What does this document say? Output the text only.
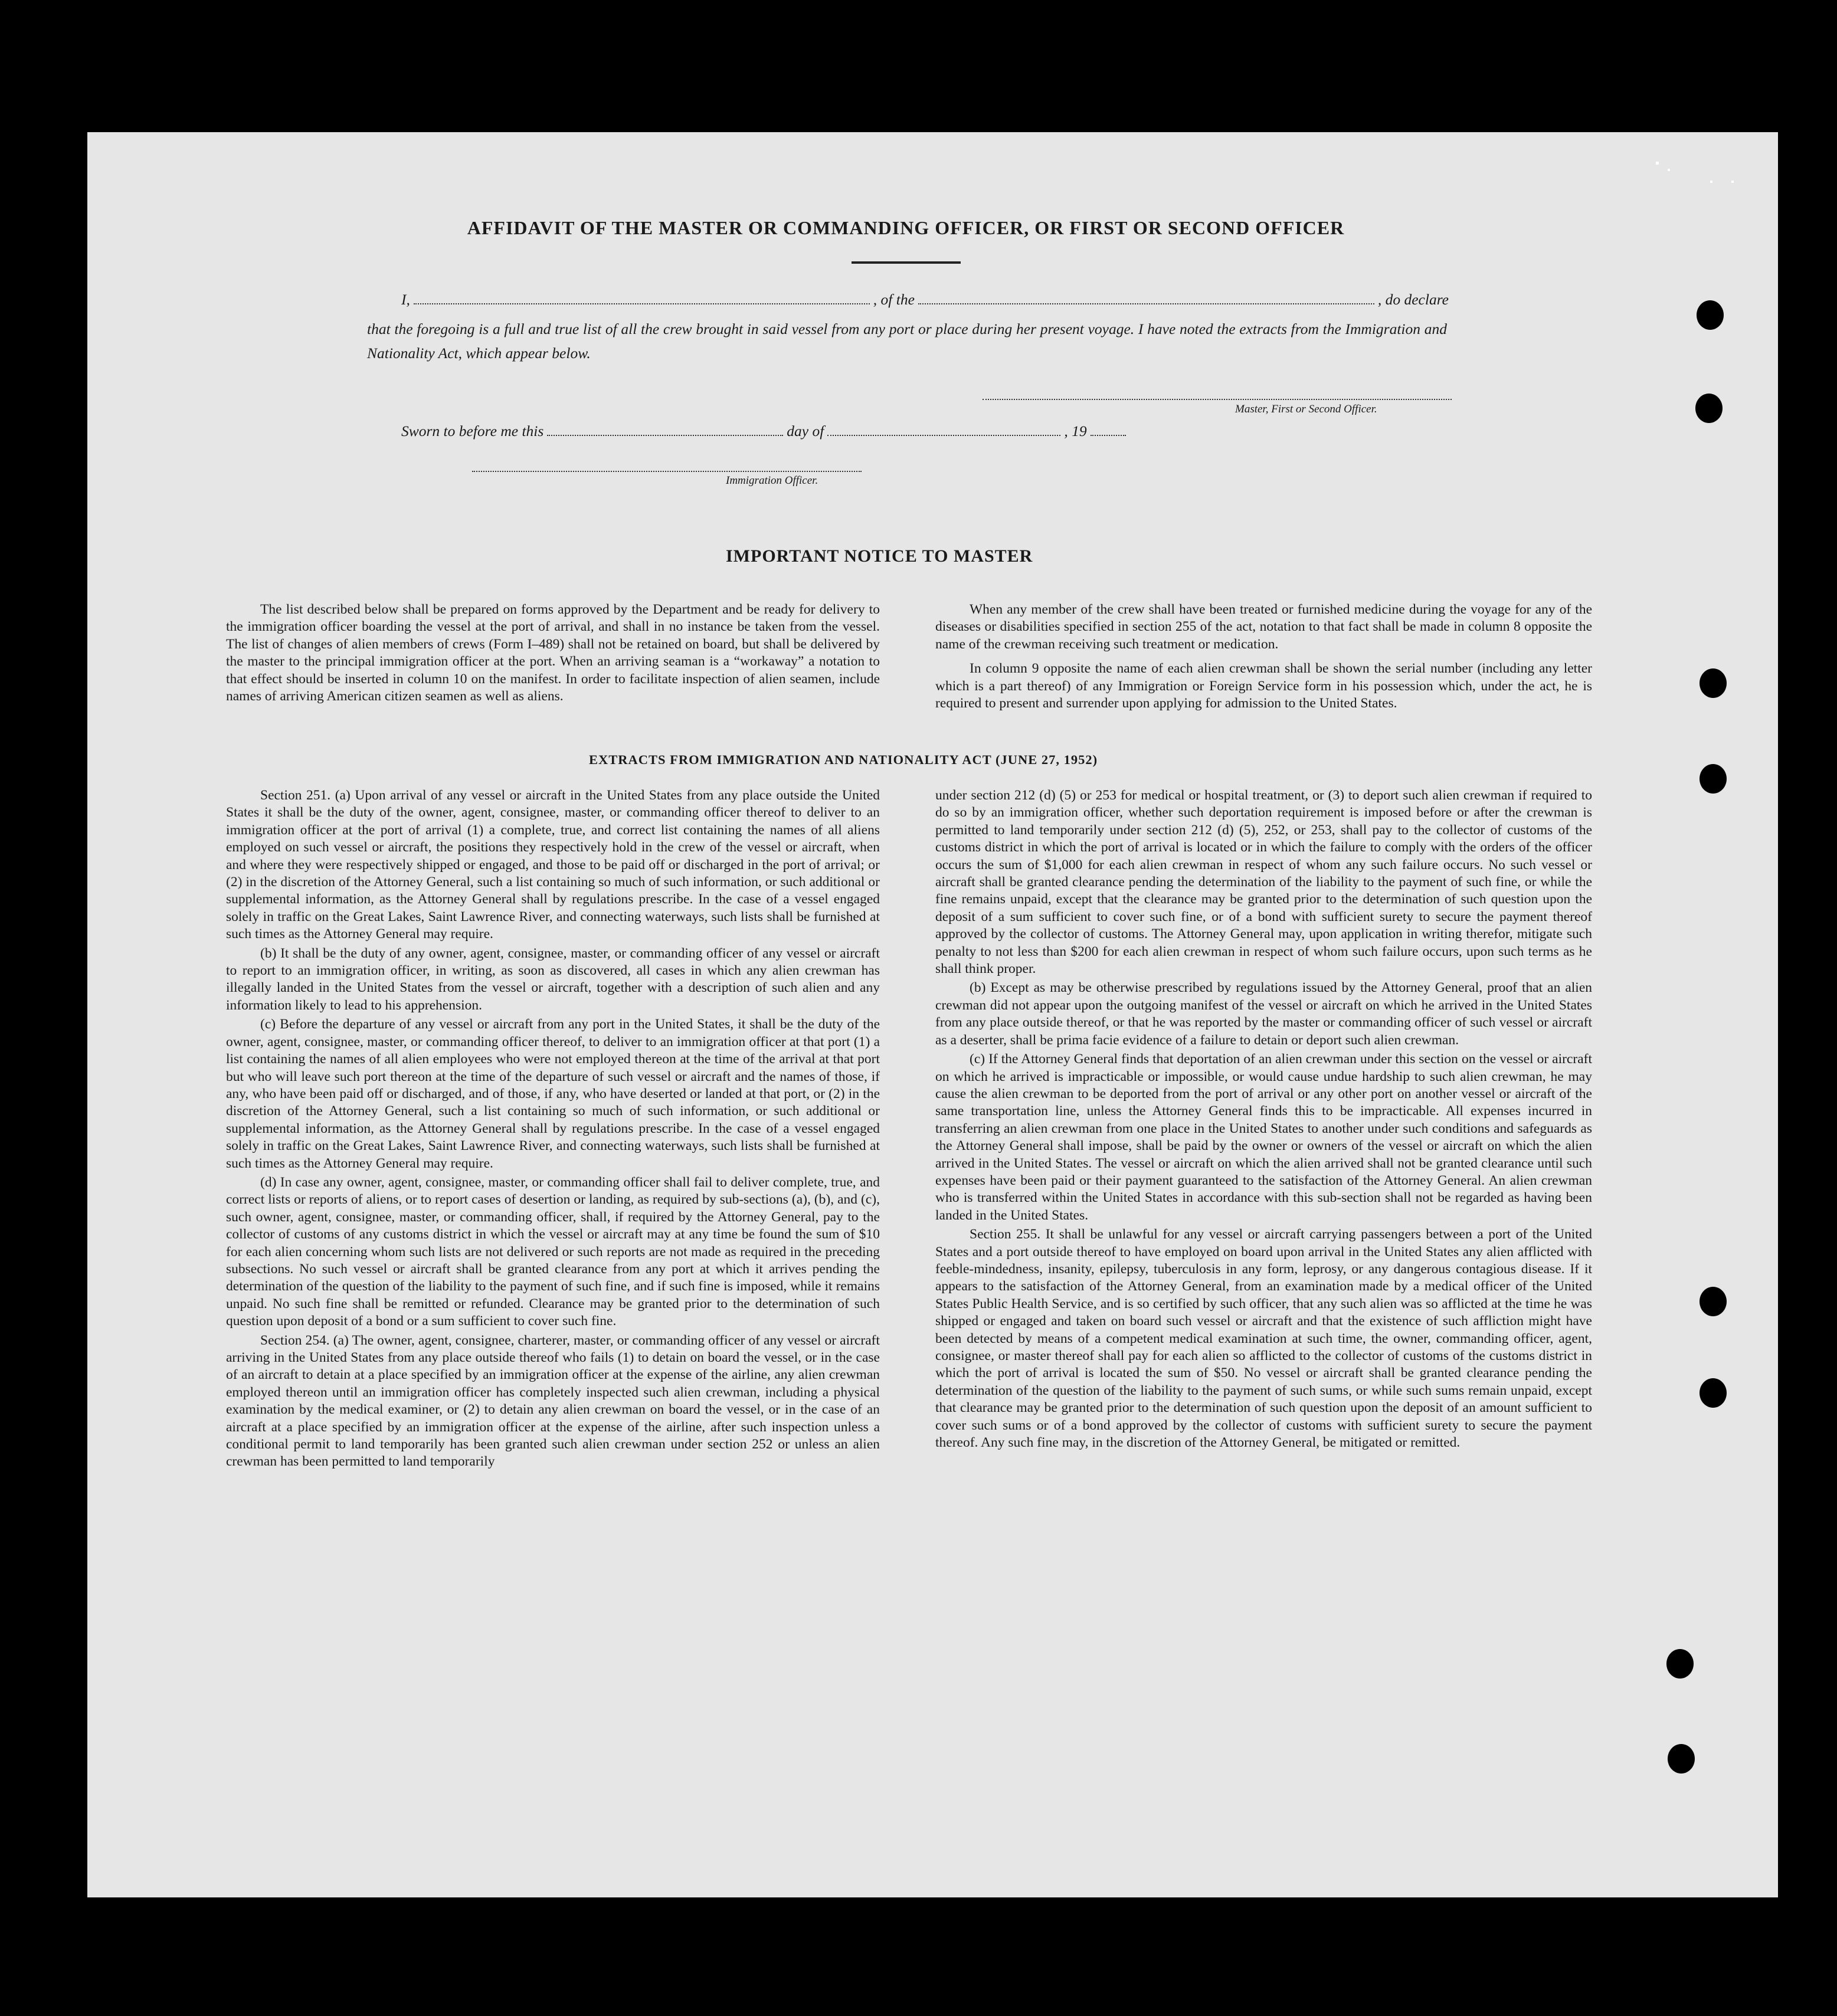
AFFIDAVIT OF THE MASTER OR COMMANDING OFFICER, OR FIRST OR SECOND OFFICER
I,	, of the	, do declare
that the foregoing is a full and true list of all the crew brought in said vessel from any port or place during her present voyage. I have noted the extracts from the Immigration and Nationality Act, which appear below.
Master, First or Second Officer.
Sworn to before me this	day of	, 19
Immigration Officer.
IMPORTANT NOTICE TO MASTER

The list described below shall be prepared on forms approved by the Department and be ready for delivery to the immigration officer boarding the vessel at the port of arrival, and shall in no instance be taken from the vessel. The list of changes of alien members of crews (Form I–489) shall not be retained on board, but shall be delivered by the master to the principal immigration officer at the port. When an arriving seaman is a “workaway” a notation to that effect should be inserted in column 10 on the manifest. In order to facilitate inspection of alien seamen, include names of arriving American citizen seamen as well as aliens.

When any member of the crew shall have been treated or furnished medicine during the voyage for any of the diseases or disabilities specified in section 255 of the act, notation to that fact shall be made in column 8 opposite the name of the crewman receiving such treatment or medication.

In column 9 opposite the name of each alien crewman shall be shown the serial number (including any letter which is a part thereof) of any Immigration or Foreign Service form in his possession which, under the act, he is required to present and surrender upon applying for admission to the United States.

EXTRACTS FROM IMMIGRATION AND NATIONALITY ACT (JUNE 27, 1952)

Section 251. (a) Upon arrival of any vessel or aircraft in the United States from any place outside the United States it shall be the duty of the owner, agent, consignee, master, or commanding officer thereof to deliver to an immigration officer at the port of arrival (1) a complete, true, and correct list containing the names of all aliens employed on such vessel or aircraft, the positions they respectively hold in the crew of the vessel or aircraft, when and where they were respectively shipped or engaged, and those to be paid off or discharged in the port of arrival; or (2) in the discretion of the Attorney General, such a list containing so much of such information, or such additional or supplemental information, as the Attorney General shall by regulations prescribe. In the case of a vessel engaged solely in traffic on the Great Lakes, Saint Lawrence River, and connecting waterways, such lists shall be furnished at such times as the Attorney General may require.

(b) It shall be the duty of any owner, agent, consignee, master, or commanding officer of any vessel or aircraft to report to an immigration officer, in writing, as soon as discovered, all cases in which any alien crewman has illegally landed in the United States from the vessel or aircraft, together with a description of such alien and any information likely to lead to his apprehension.

(c) Before the departure of any vessel or aircraft from any port in the United States, it shall be the duty of the owner, agent, consignee, master, or commanding officer thereof, to deliver to an immigration officer at that port (1) a list containing the names of all alien employees who were not employed thereon at the time of the arrival at that port but who will leave such port thereon at the time of the departure of such vessel or aircraft and the names of those, if any, who have been paid off or discharged, and of those, if any, who have deserted or landed at that port, or (2) in the discretion of the Attorney General, such a list containing so much of such information, or such additional or supplemental information, as the Attorney General shall by regulations prescribe. In the case of a vessel engaged solely in traffic on the Great Lakes, Saint Lawrence River, and connecting waterways, such lists shall be furnished at such times as the Attorney General may require.

(d) In case any owner, agent, consignee, master, or commanding officer shall fail to deliver complete, true, and correct lists or reports of aliens, or to report cases of desertion or landing, as required by sub-sections (a), (b), and (c), such owner, agent, consignee, master, or commanding officer, shall, if required by the Attorney General, pay to the collector of customs of any customs district in which the vessel or aircraft may at any time be found the sum of $10 for each alien concerning whom such lists are not delivered or such reports are not made as required in the preceding subsections. No such vessel or aircraft shall be granted clearance from any port at which it arrives pending the determination of the question of the liability to the payment of such fine, and if such fine is imposed, while it remains unpaid. No such fine shall be remitted or refunded. Clearance may be granted prior to the determination of such question upon deposit of a bond or a sum sufficient to cover such fine.

Section 254. (a) The owner, agent, consignee, charterer, master, or commanding officer of any vessel or aircraft arriving in the United States from any place outside thereof who fails (1) to detain on board the vessel, or in the case of an aircraft to detain at a place specified by an immigration officer at the expense of the airline, any alien crewman employed thereon until an immigration officer has completely inspected such alien crewman, including a physical examination by the medical examiner, or (2) to detain any alien crewman on board the vessel, or in the case of an aircraft at a place specified by an immigration officer at the expense of the airline, after such inspection unless a conditional permit to land temporarily has been granted such alien crewman under section 252 or unless an alien crewman has been permitted to land temporarily

under section 212 (d) (5) or 253 for medical or hospital treatment, or (3) to deport such alien crewman if required to do so by an immigration officer, whether such deportation requirement is imposed before or after the crewman is permitted to land temporarily under section 212 (d) (5), 252, or 253, shall pay to the collector of customs of the customs district in which the port of arrival is located or in which the failure to comply with the orders of the officer occurs the sum of $1,000 for each alien crewman in respect of whom any such failure occurs. No such vessel or aircraft shall be granted clearance pending the determination of the liability to the payment of such fine, or while the fine remains unpaid, except that the clearance may be granted prior to the determination of such question upon the deposit of a sum sufficient to cover such fine, or of a bond with sufficient surety to secure the payment thereof approved by the collector of customs. The Attorney General may, upon application in writing therefor, mitigate such penalty to not less than $200 for each alien crewman in respect of whom such failure occurs, upon such terms as he shall think proper.

(b) Except as may be otherwise prescribed by regulations issued by the Attorney General, proof that an alien crewman did not appear upon the outgoing manifest of the vessel or aircraft on which he arrived in the United States from any place outside thereof, or that he was reported by the master or commanding officer of such vessel or aircraft as a deserter, shall be prima facie evidence of a failure to detain or deport such alien crewman.

(c) If the Attorney General finds that deportation of an alien crewman under this section on the vessel or aircraft on which he arrived is impracticable or impossible, or would cause undue hardship to such alien crewman, he may cause the alien crewman to be deported from the port of arrival or any other port on another vessel or aircraft of the same transportation line, unless the Attorney General finds this to be impracticable. All expenses incurred in transferring an alien crewman from one place in the United States to another under such conditions and safeguards as the Attorney General shall impose, shall be paid by the owner or owners of the vessel or aircraft on which the alien arrived in the United States. The vessel or aircraft on which the alien arrived shall not be granted clearance until such expenses have been paid or their payment guaranteed to the satisfaction of the Attorney General. An alien crewman who is transferred within the United States in accordance with this sub-section shall not be regarded as having been landed in the United States.

Section 255. It shall be unlawful for any vessel or aircraft carrying passengers between a port of the United States and a port outside thereof to have employed on board upon arrival in the United States any alien afflicted with feeble-mindedness, insanity, epilepsy, tuberculosis in any form, leprosy, or any dangerous contagious disease. If it appears to the satisfaction of the Attorney General, from an examination made by a medical officer of the United States Public Health Service, and is so certified by such officer, that any such alien was so afflicted at the time he was shipped or engaged and taken on board such vessel or aircraft and that the existence of such affliction might have been detected by means of a competent medical examination at such time, the owner, commanding officer, agent, consignee, or master thereof shall pay for each alien so afflicted to the collector of customs of the customs district in which the port of arrival is located the sum of $50. No vessel or aircraft shall be granted clearance pending the determination of the question of the liability to the payment of such sums, or while such sums remain unpaid, except that clearance may be granted prior to the determination of such question upon the deposit of an amount sufficient to cover such sums or of a bond approved by the collector of customs with sufficient surety to secure the payment thereof. Any such fine may, in the discretion of the Attorney General, be mitigated or remitted.
